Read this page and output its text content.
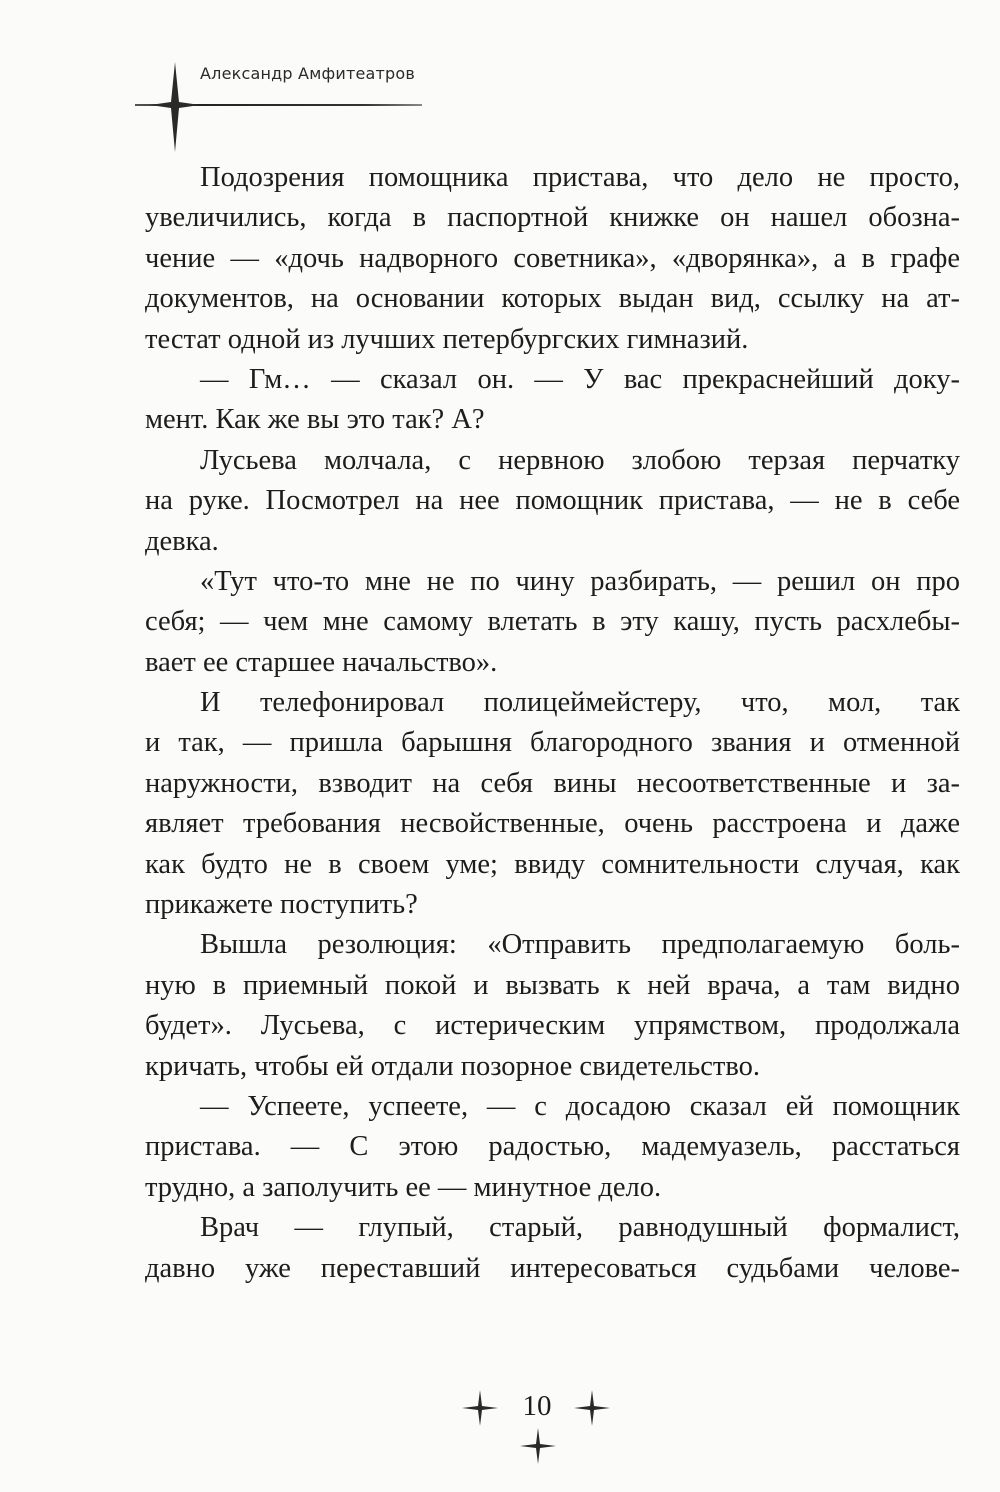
Александр Амфитеатров
Подозрения помощника пристава, что дело не просто,
увеличились, когда в паспортной книжке он нашел обозна-
чение — «дочь надворного советника», «дворянка», а в графе
документов, на основании которых выдан вид, ссылку на ат-
тестат одной из лучших петербургских гимназий.
— Гм… — сказал он. — У вас прекраснейший доку-
мент. Как же вы это так? А?
Лусьева молчала, с нервною злобою терзая перчатку
на руке. Посмотрел на нее помощник пристава, — не в себе
девка.
«Тут что-то мне не по чину разбирать, — решил он про
себя; — чем мне самому влетать в эту кашу, пусть расхлебы-
вает ее старшее начальство».
И телефонировал полицеймейстеру, что, мол, так
и так, — пришла барышня благородного звания и отменной
наружности, взводит на себя вины несоответственные и за-
являет требования несвойственные, очень расстроена и даже
как будто не в своем уме; ввиду сомнительности случая, как
прикажете поступить?
Вышла резолюция: «Отправить предполагаемую боль-
ную в приемный покой и вызвать к ней врача, а там видно
будет». Лусьева, с истерическим упрямством, продолжала
кричать, чтобы ей отдали позорное свидетельство.
— Успеете, успеете, — с досадою сказал ей помощник
пристава. — С этою радостью, мадемуазель, расстаться
трудно, а заполучить ее — минутное дело.
Врач — глупый, старый, равнодушный формалист,
давно уже переставший интересоваться судьбами челове-
10
